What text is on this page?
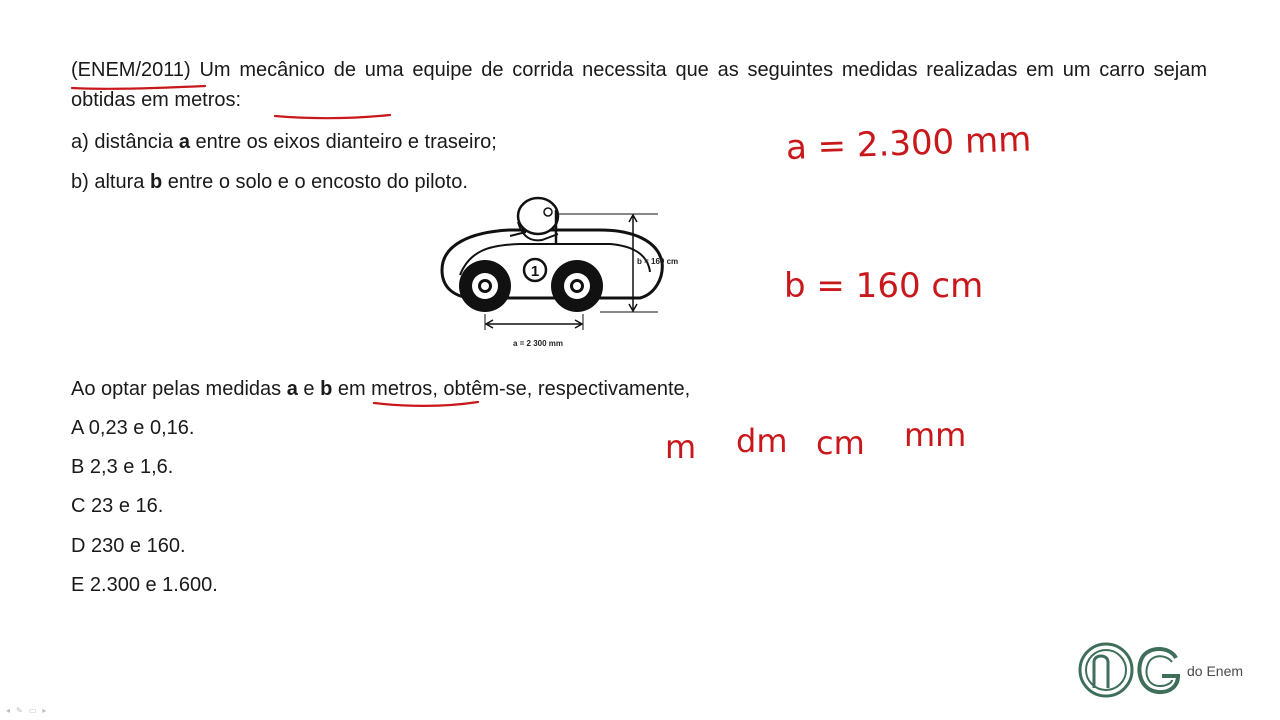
(ENEM/2011) Um mecânico de uma equipe de corrida necessita que as seguintes medidas realizadas em um carro sejam obtidas em metros:
a) distância a entre os eixos dianteiro e traseiro;
b) altura b entre o solo e o encosto do piloto.
1
b = 160 cm
a = 2 300 mm
Ao optar pelas medidas a e b em metros, obtêm-se, respectivamente,
A 0,23 e 0,16.
B 2,3 e 1,6.
C 23 e 16.
D 230 e 160.
E 2.300 e 1.600.
a = 2.300 mm
b = 160 cm
m dm cm mm
do Enem
◂✎▭▸
